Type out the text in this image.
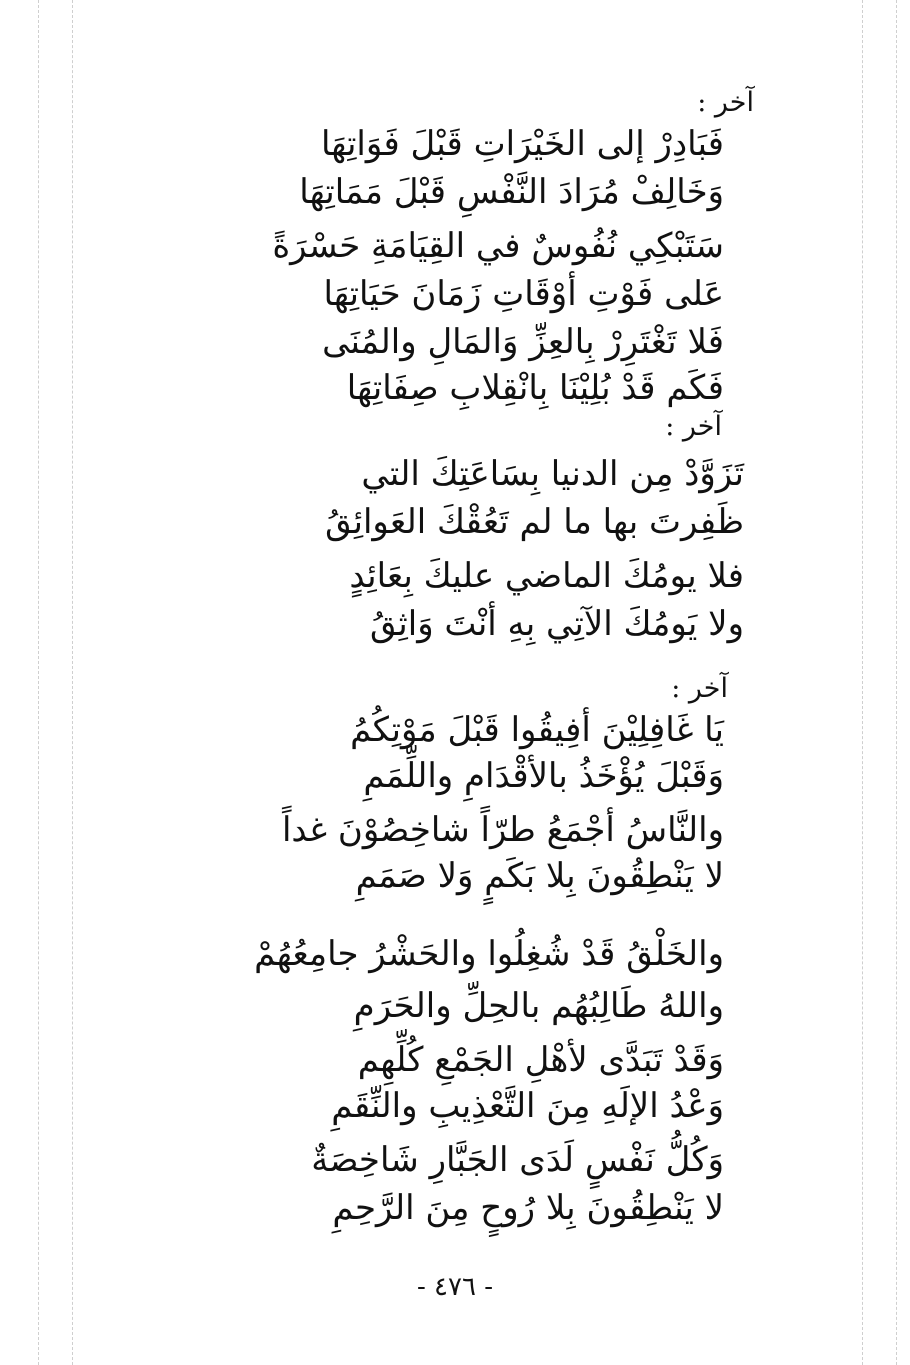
آخر :
فَبَادِرْ إلى الخَيْرَاتِ قَبْلَ فَوَاتِهَا
وَخَالِفْ مُرَادَ النَّفْسِ قَبْلَ مَمَاتِهَا
سَتَبْكِي نُفُوسٌ في القِيَامَةِ حَسْرَةً
عَلى فَوْتِ أوْقَاتِ زَمَانَ حَيَاتِهَا
فَلا تَغْتَرِرْ بِالعِزِّ وَالمَالِ والمُنَى
فَكَم قَدْ بُلِيْنَا بِانْقِلابِ صِفَاتِهَا
آخر :
تَزَوَّدْ مِن الدنيا بِسَاعَتِكَ التي
ظَفِرتَ بها ما لم تَعُقْكَ العَوائِقُ
فلا يومُكَ الماضي عليكَ بِعَائِدٍ
ولا يَومُكَ الآتِي بِهِ أنْتَ وَاثِقُ
آخر :
يَا غَافِلِيْنَ أفِيقُوا قَبْلَ مَوْتِكُمُ
وَقَبْلَ يُؤْخَذُ بالأقْدَامِ واللِّمَمِ
والنَّاسُ أجْمَعُ طرّاً شاخِصُوْنَ غداً
لا يَنْطِقُونَ بِلا بَكَمٍ وَلا صَمَمِ
والخَلْقُ قَدْ شُغِلُوا والحَشْرُ جامِعُهُمْ
واللهُ طَالِبُهُم بالحِلِّ والحَرَمِ
وَقَدْ تَبَدَّى لأهْلِ الجَمْعِ كُلِّهِم
وَعْدُ الإلَهِ مِنَ التَّعْذِيبِ والنِّقَمِ
وَكُلُّ نَفْسٍ لَدَى الجَبَّارِ شَاخِصَةٌ
لا يَنْطِقُونَ بِلا رُوحٍ مِنَ الرَّحِمِ
- ٤٧٦ -
